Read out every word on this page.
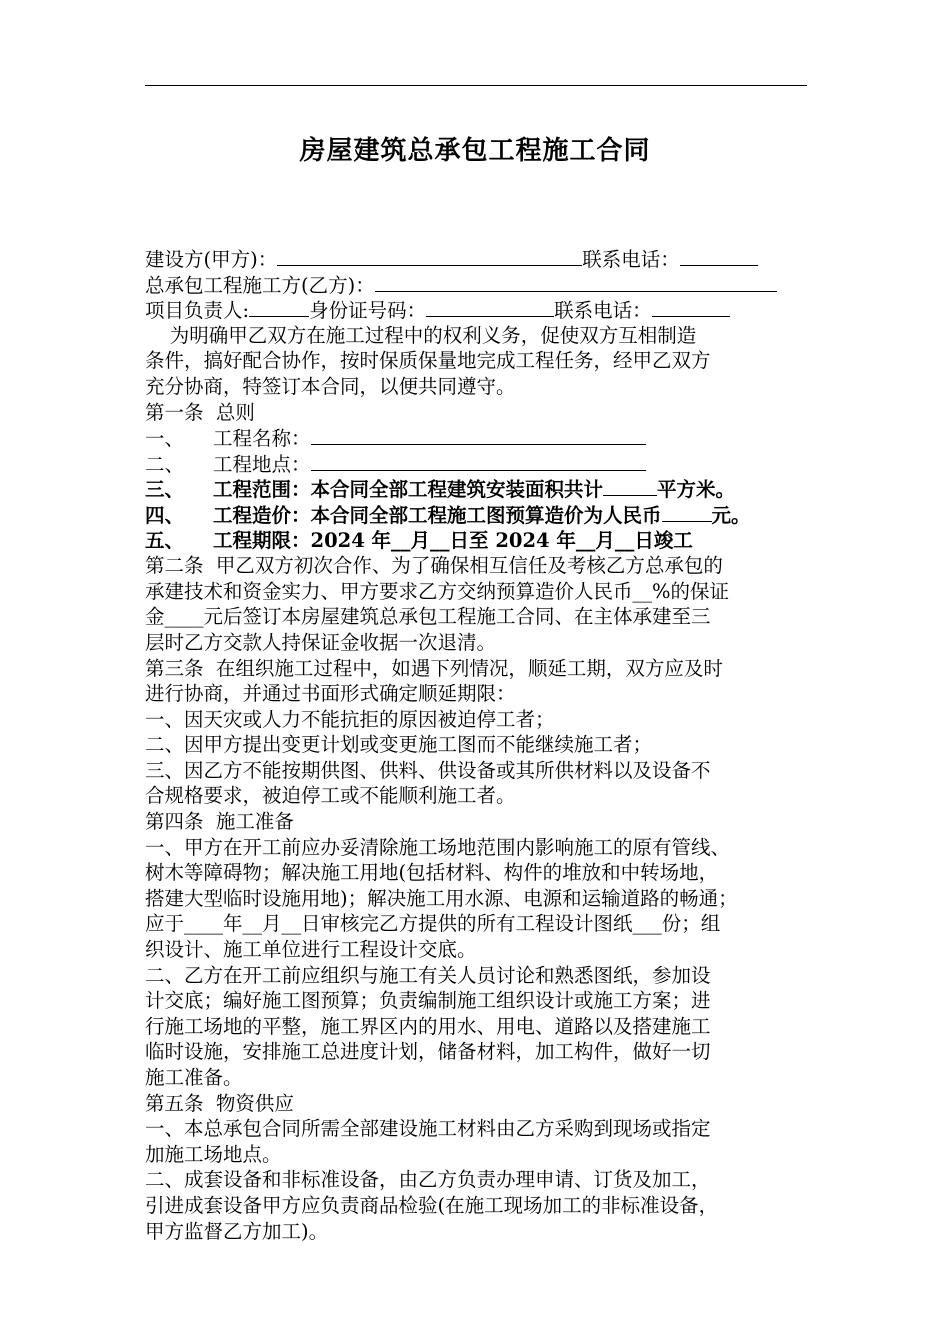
房屋建筑总承包工程施工合同
建设方(甲方)：	联系电话：
总承包工程施工方(乙方)：
项目负责人:	身份证号码：	联系电话：
为明确甲乙双方在施工过程中的权利义务，促使双方互相制造
条件，搞好配合协作，按时保质保量地完成工程任务，经甲乙双方
充分协商，特签订本合同，以便共同遵守。
第一条  总则
一、 工程名称：
二、 工程地点：
三、 工程范围：本合同全部工程建筑安装面积共计	平方米。
四、 工程造价：本合同全部工程施工图预算造价为人民币	元。
五、 工程期限：2024 年__月__日至 2024 年__月__日竣工
第二条  甲乙双方初次合作、为了确保相互信任及考核乙方总承包的
承建技术和资金实力、甲方要求乙方交纳预算造价人民币__%的保证
金____元后签订本房屋建筑总承包工程施工合同、在主体承建至三
层时乙方交款人持保证金收据一次退清。
第三条  在组织施工过程中，如遇下列情况，顺延工期，双方应及时
进行协商，并通过书面形式确定顺延期限：
一、因天灾或人力不能抗拒的原因被迫停工者；
二、因甲方提出变更计划或变更施工图而不能继续施工者；
三、因乙方不能按期供图、供料、供设备或其所供材料以及设备不
合规格要求，被迫停工或不能顺利施工者。
第四条  施工准备
一、甲方在开工前应办妥清除施工场地范围内影响施工的原有管线、
树木等障碍物；解决施工用地(包括材料、构件的堆放和中转场地，
搭建大型临时设施用地)；解决施工用水源、电源和运输道路的畅通；
应于____年__月__日审核完乙方提供的所有工程设计图纸___份；组
织设计、施工单位进行工程设计交底。
二、乙方在开工前应组织与施工有关人员讨论和熟悉图纸，参加设
计交底；编好施工图预算；负责编制施工组织设计或施工方案；进
行施工场地的平整，施工界区内的用水、用电、道路以及搭建施工
临时设施，安排施工总进度计划，储备材料，加工构件，做好一切
施工准备。
第五条  物资供应
一、本总承包合同所需全部建设施工材料由乙方采购到现场或指定
加施工场地点。
二、成套设备和非标准设备，由乙方负责办理申请、订货及加工，
引进成套设备甲方应负责商品检验(在施工现场加工的非标准设备，
甲方监督乙方加工)。
